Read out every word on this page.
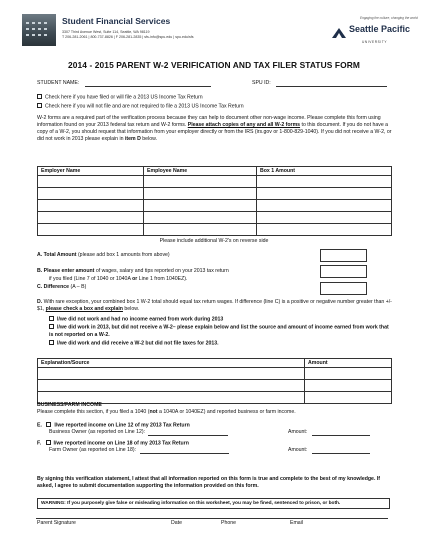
Student Financial Services
3307 Third Avenue West, Suite 114, Seattle, WA 98119
T 206-281-2061 | 800-737-8826 | F 206-281-2835 | sfs-info@spu.edu | spu.edu/sfs
Engaging the culture, changing the world
Seattle Pacific
UNIVERSITY
2014 - 2015 PARENT W-2 VERIFICATION AND TAX FILER STATUS FORM
STUDENT NAME:	SPU ID:
Check here if you have filed or will file a 2013 US Income Tax Return
Check here if you will not file and are not required to file a 2013 US Income Tax Return
W-2 forms are a required part of the verification process because they can help to document other non-wage income. Please complete this form using information found on your 2013 federal tax return and W-2 forms. Please attach copies of any and all W-2 forms to this document. If you do not have a copy of a W-2, you should request that information from your employer directly or from the IRS (irs.gov or 1-800-829-1040). If you did not receive a W-2, or did not work in 2013 please explain in item D below.
Employer Name	Employee Name	Box 1 Amount

Please include additional W-2's on reverse side
A. Total Amount (please add box 1 amounts from above)
B. Please enter amount of wages, salary and tips reported on your 2013 tax return
if you filed (Line 7 of 1040 or 1040A or Line 1 from 1040EZ).
C. Difference (A – B)
D. With rare exception, your combined box 1 W-2 total should equal tax return wages. If difference (line C) is a positive or negative number greater than +/- $1, please check a box and explain below.
I/we did not work and had no income earned from work during 2013
I/we did work in 2013, but did not receive a W-2– please explain below and list the source and amount of income earned from work that is not reported on a W-2.
I/we did work and did receive a W-2 but did not file taxes for 2013.
Explanation/Source	Amount

BUSINESS/FARM INCOME
Please complete this section, if you filed a 1040 (not a 1040A or 1040EZ) and reported business or farm income.
E. I/we reported income on Line 12 of my 2013 Tax Return
Business Owner (as reported on Line 12):	Amount:
F. I/we reported income on Line 18 of my 2013 Tax Return
Farm Owner (as reported on Line 18):	Amount:
By signing this verification statement, I attest that all information reported on this form is true and complete to the best of my knowledge. If asked, I agree to submit documentation supporting the information provided on this form.
WARNING: If you purposely give false or misleading information on this worksheet, you may be fined, sentenced to prison, or both.
Parent Signature	Date	Phone	Email
